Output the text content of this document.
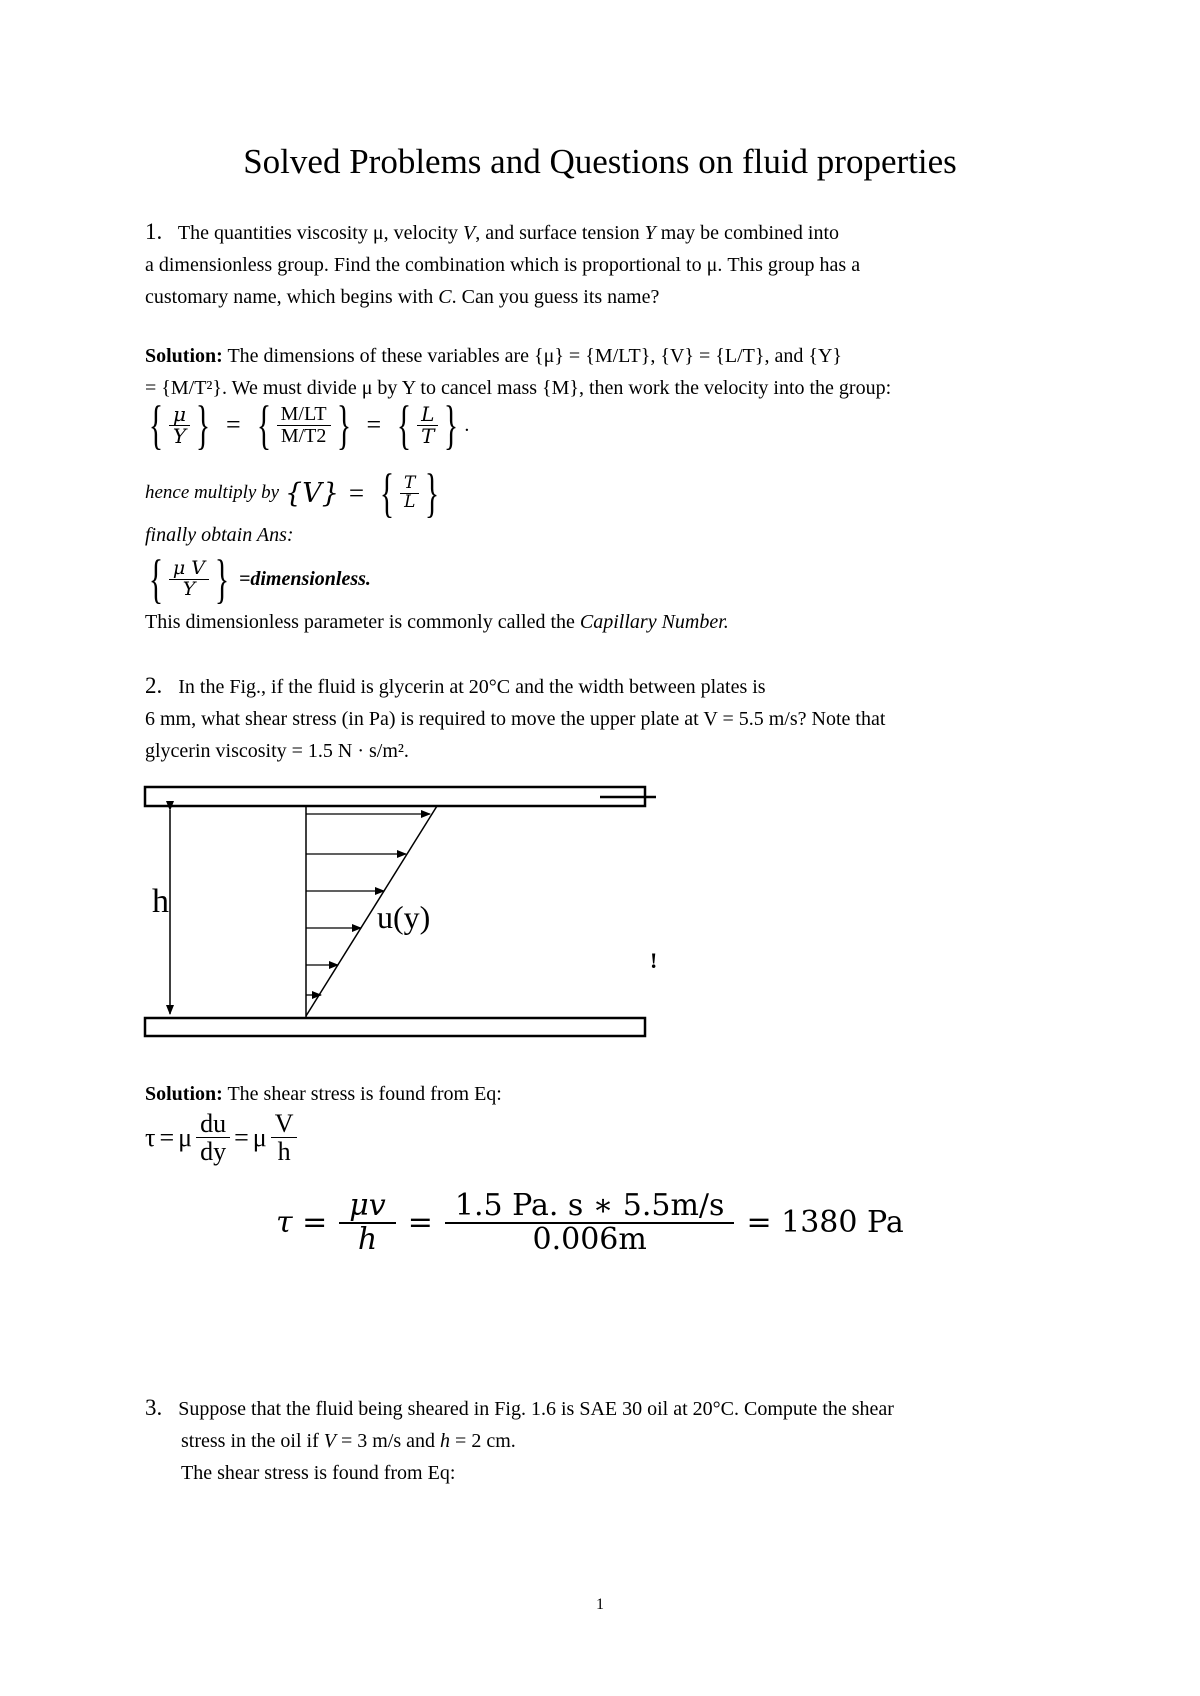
Solved Problems and Questions on fluid properties
1. The quantities viscosity μ, velocity V, and surface tension Y may be combined into
a dimensionless group. Find the combination which is proportional to μ. This group has a
customary name, which begins with C. Can you guess its name?
Solution: The dimensions of these variables are {μ} = {M/LT}, {V} = {L/T}, and {Y}
= {M/T²}. We must divide μ by Y to cancel mass {M}, then work the velocity into the group:
{ $\frac{\mu}{Y}$ } = { $\frac{M/LT}{M/T2}$ } = { $\frac{L}{T}$ } .
hence multiply by {V} = { $\frac{T}{L}$ }
finally obtain Ans:
{ $\frac{\text{μ V}}{Y}$ } =dimensionless.
This dimensionless parameter is commonly called the Capillary Number.
2. In the Fig., if the fluid is glycerin at 20°C and the width between plates is
6 mm, what shear stress (in Pa) is required to move the upper plate at V = 5.5 m/s? Note that
glycerin viscosity = 1.5 N · s/m².
h	u(y)
!
Solution: The shear stress is found from Eq:
τ = μ $\frac{du}{dy} = \mu \frac{V}{h}$
$\tau = \frac{\mu v}{h} = \frac{1.5 Pa. s ∗ 5.5m/s}{0.006m} = 1380$ Pa
3. Suppose that the fluid being sheared in Fig. 1.6 is SAE 30 oil at 20°C. Compute the shear
stress in the oil if V = 3 m/s and h = 2 cm.
The shear stress is found from Eq:
1
